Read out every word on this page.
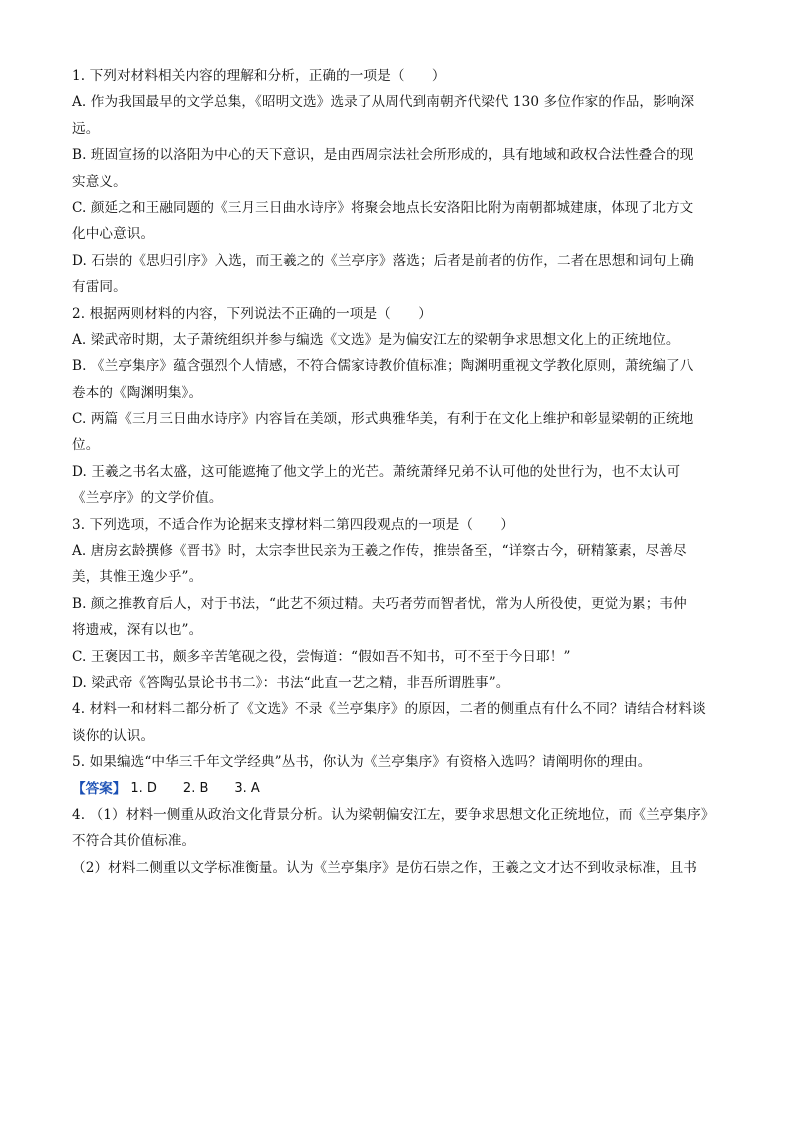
1. 下列对材料相关内容的理解和分析，正确的一项是（　　）
A. 作为我国最早的文学总集，《昭明文选》选录了从周代到南朝齐代梁代 130 多位作家的作品，影响深
远。
B. 班固宣扬的以洛阳为中心的天下意识，是由西周宗法社会所形成的，具有地域和政权合法性叠合的现
实意义。
C. 颜延之和王融同题的《三月三日曲水诗序》将聚会地点长安洛阳比附为南朝都城建康，体现了北方文
化中心意识。
D. 石崇的《思归引序》入选，而王羲之的《兰亭序》落选；后者是前者的仿作，二者在思想和词句上确
有雷同。
2. 根据两则材料的内容，下列说法不正确的一项是（　　）
A. 梁武帝时期，太子萧统组织并参与编选《文选》是为偏安江左的梁朝争求思想文化上的正统地位。
B. 《兰亭集序》蕴含强烈个人情感，不符合儒家诗教价值标准；陶渊明重视文学教化原则，萧统编了八
卷本的《陶渊明集》。
C. 两篇《三月三日曲水诗序》内容旨在美颂，形式典雅华美，有利于在文化上维护和彰显梁朝的正统地
位。
D. 王羲之书名太盛，这可能遮掩了他文学上的光芒。萧统萧绎兄弟不认可他的处世行为，也不太认可
《兰亭序》的文学价值。
3. 下列选项，不适合作为论据来支撑材料二第四段观点的一项是（　　）
A. 唐房玄龄撰修《晋书》时，太宗李世民亲为王羲之作传，推崇备至，“详察古今，研精篆素，尽善尽
美，其惟王逸少乎”。
B. 颜之推教育后人，对于书法，“此艺不须过精。夫巧者劳而智者忧，常为人所役使，更觉为累；韦仲
将遗戒，深有以也”。
C. 王褒因工书，颇多辛苦笔砚之役，尝悔道：“假如吾不知书，可不至于今日耶！”
D. 梁武帝《答陶弘景论书书二》：书法“此直一艺之精，非吾所谓胜事”。
4. 材料一和材料二都分析了《文选》不录《兰亭集序》的原因，二者的侧重点有什么不同？请结合材料谈
谈你的认识。
5. 如果编选“中华三千年文学经典”丛书，你认为《兰亭集序》有资格入选吗？请阐明你的理由。
【答案】 1. D 2. B 3. A
4. （1）材料一侧重从政治文化背景分析。认为梁朝偏安江左，要争求思想文化正统地位，而《兰亭集序》
不符合其价值标准。
（2）材料二侧重以文学标准衡量。认为《兰亭集序》是仿石崇之作，王羲之文才达不到收录标准，且书
